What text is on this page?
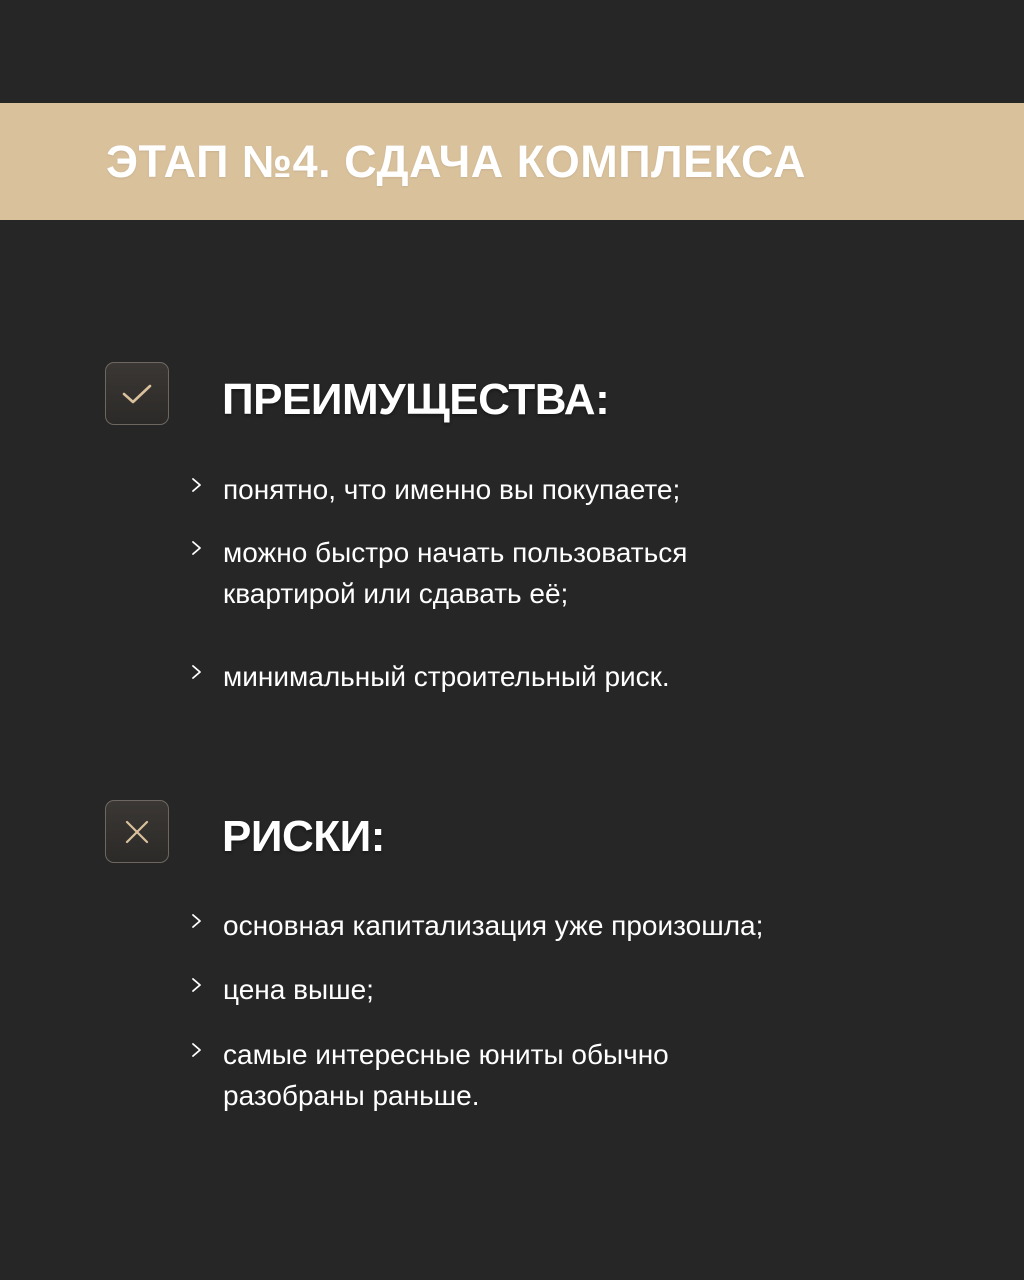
ЭТАП №4. СДАЧА КОМПЛЕКСА
ПРЕИМУЩЕСТВА:
понятно, что именно вы покупаете;
можно быстро начать пользоваться
квартирой или сдавать её;
минимальный строительный риск.
РИСКИ:
основная капитализация уже произошла;
цена выше;
самые интересные юниты обычно
разобраны раньше.
